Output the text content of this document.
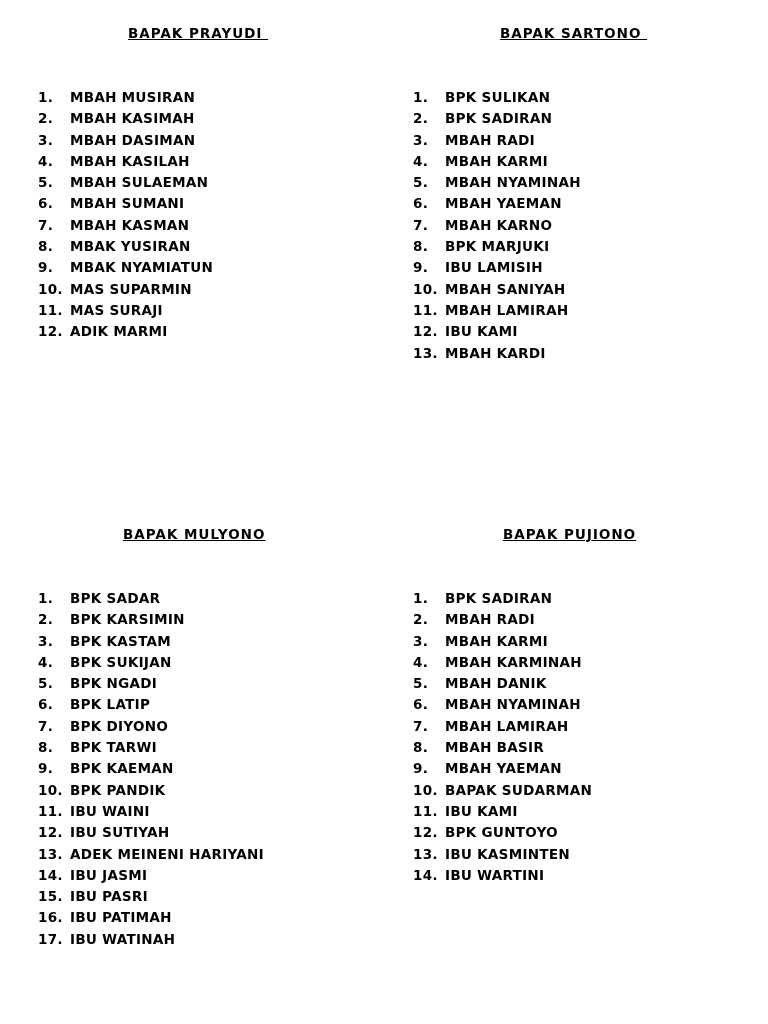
BAPAK PRAYUDI
1. MBAH MUSIRAN
2. MBAH KASIMAH
3. MBAH DASIMAN
4. MBAH KASILAH
5. MBAH SULAEMAN
6. MBAH SUMANI
7. MBAH KASMAN
8. MBAK YUSIRAN
9. MBAK NYAMIATUN
10. MAS SUPARMIN
11. MAS SURAJI
12. ADIK MARMI
BAPAK SARTONO
1. BPK SULIKAN
2. BPK SADIRAN
3. MBAH RADI
4. MBAH KARMI
5. MBAH NYAMINAH
6. MBAH YAEMAN
7. MBAH KARNO
8. BPK MARJUKI
9. IBU LAMISIH
10. MBAH SANIYAH
11. MBAH LAMIRAH
12. IBU KAMI
13. MBAH KARDI
BAPAK MULYONO
1. BPK SADAR
2. BPK KARSIMIN
3. BPK KASTAM
4. BPK SUKIJAN
5. BPK NGADI
6. BPK LATIP
7. BPK DIYONO
8. BPK TARWI
9. BPK KAEMAN
10. BPK PANDIK
11. IBU WAINI
12. IBU SUTIYAH
13. ADEK MEINENI HARIYANI
14. IBU JASMI
15. IBU PASRI
16. IBU PATIMAH
17. IBU WATINAH
BAPAK PUJIONO
1. BPK SADIRAN
2. MBAH RADI
3. MBAH KARMI
4. MBAH KARMINAH
5. MBAH DANIK
6. MBAH NYAMINAH
7. MBAH LAMIRAH
8. MBAH BASIR
9. MBAH YAEMAN
10. BAPAK SUDARMAN
11. IBU KAMI
12. BPK GUNTOYO
13. IBU KASMINTEN
14. IBU WARTINI
